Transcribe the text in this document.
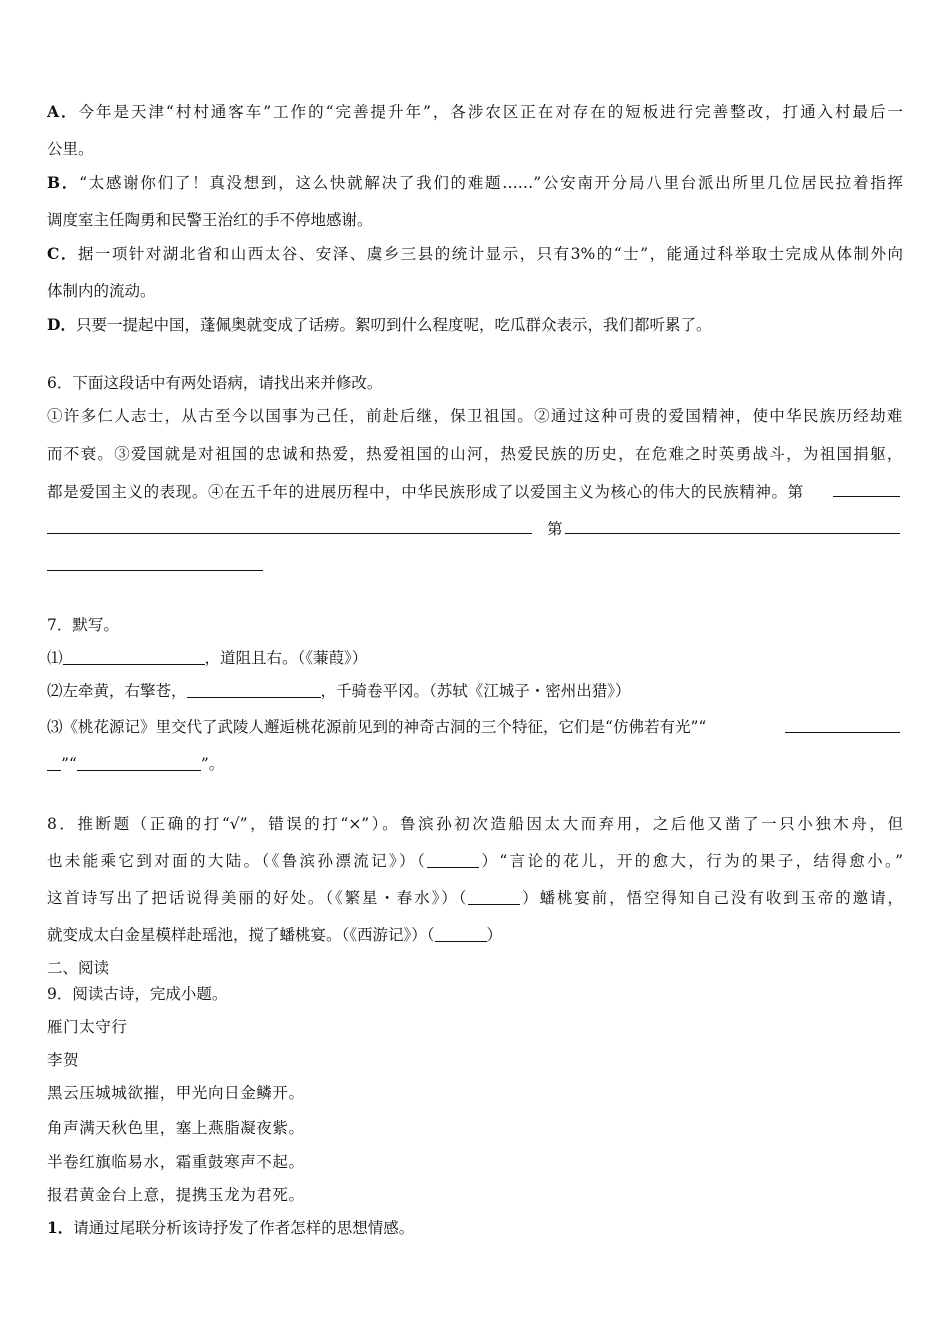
A．今年是天津“村村通客车”工作的“完善提升年”，各涉农区正在对存在的短板进行完善整改，打通入村最后一
公里。
B．“太感谢你们了！真没想到，这么快就解决了我们的难题……”公安南开分局八里台派出所里几位居民拉着指挥
调度室主任陶勇和民警王治红的手不停地感谢。
C．据一项针对湖北省和山西太谷、安泽、虞乡三县的统计显示，只有3%的“士”，能通过科举取士完成从体制外向
体制内的流动。
D．只要一提起中国，蓬佩奥就变成了话痨。絮叨到什么程度呢，吃瓜群众表示，我们都听累了。
6．下面这段话中有两处语病，请找出来并修改。
①许多仁人志士，从古至今以国事为己任，前赴后继，保卫祖国。②通过这种可贵的爱国精神，使中华民族历经劫难
而不衰。③爱国就是对祖国的忠诚和热爱，热爱祖国的山河，热爱民族的历史，在危难之时英勇战斗，为祖国捐躯，
都是爱国主义的表现。④在五千年的进展历程中，中华民族形成了以爱国主义为核心的伟大的民族精神。第
第
7．默写。
⑴	，道阻且右。（《蒹葭》）
⑵左牵黄，右擎苍，	，千骑卷平冈。（苏轼《江城子・密州出猎》）
⑶《桃花源记》里交代了武陵人邂逅桃花源前见到的神奇古洞的三个特征，它们是“仿佛若有光”“
”“	”。
8．推断题（正确的打“√”，错误的打“×”）。鲁滨孙初次造船因太大而弃用，之后他又凿了一只小独木舟，但
也未能乘它到对面的大陆。（《鲁滨孙漂流记》）（	）“言论的花儿，开的愈大，行为的果子，结得愈小。”
这首诗写出了把话说得美丽的好处。（《繁星・春水》）（	）蟠桃宴前，悟空得知自己没有收到玉帝的邀请，
就变成太白金星模样赴瑶池，搅了蟠桃宴。（《西游记》）（	）
二、阅读
9．阅读古诗，完成小题。
雁门太守行
李贺
黑云压城城欲摧，甲光向日金鳞开。
角声满天秋色里，塞上燕脂凝夜紫。
半卷红旗临易水，霜重鼓寒声不起。
报君黄金台上意，提携玉龙为君死。
1．请通过尾联分析该诗抒发了作者怎样的思想情感。
